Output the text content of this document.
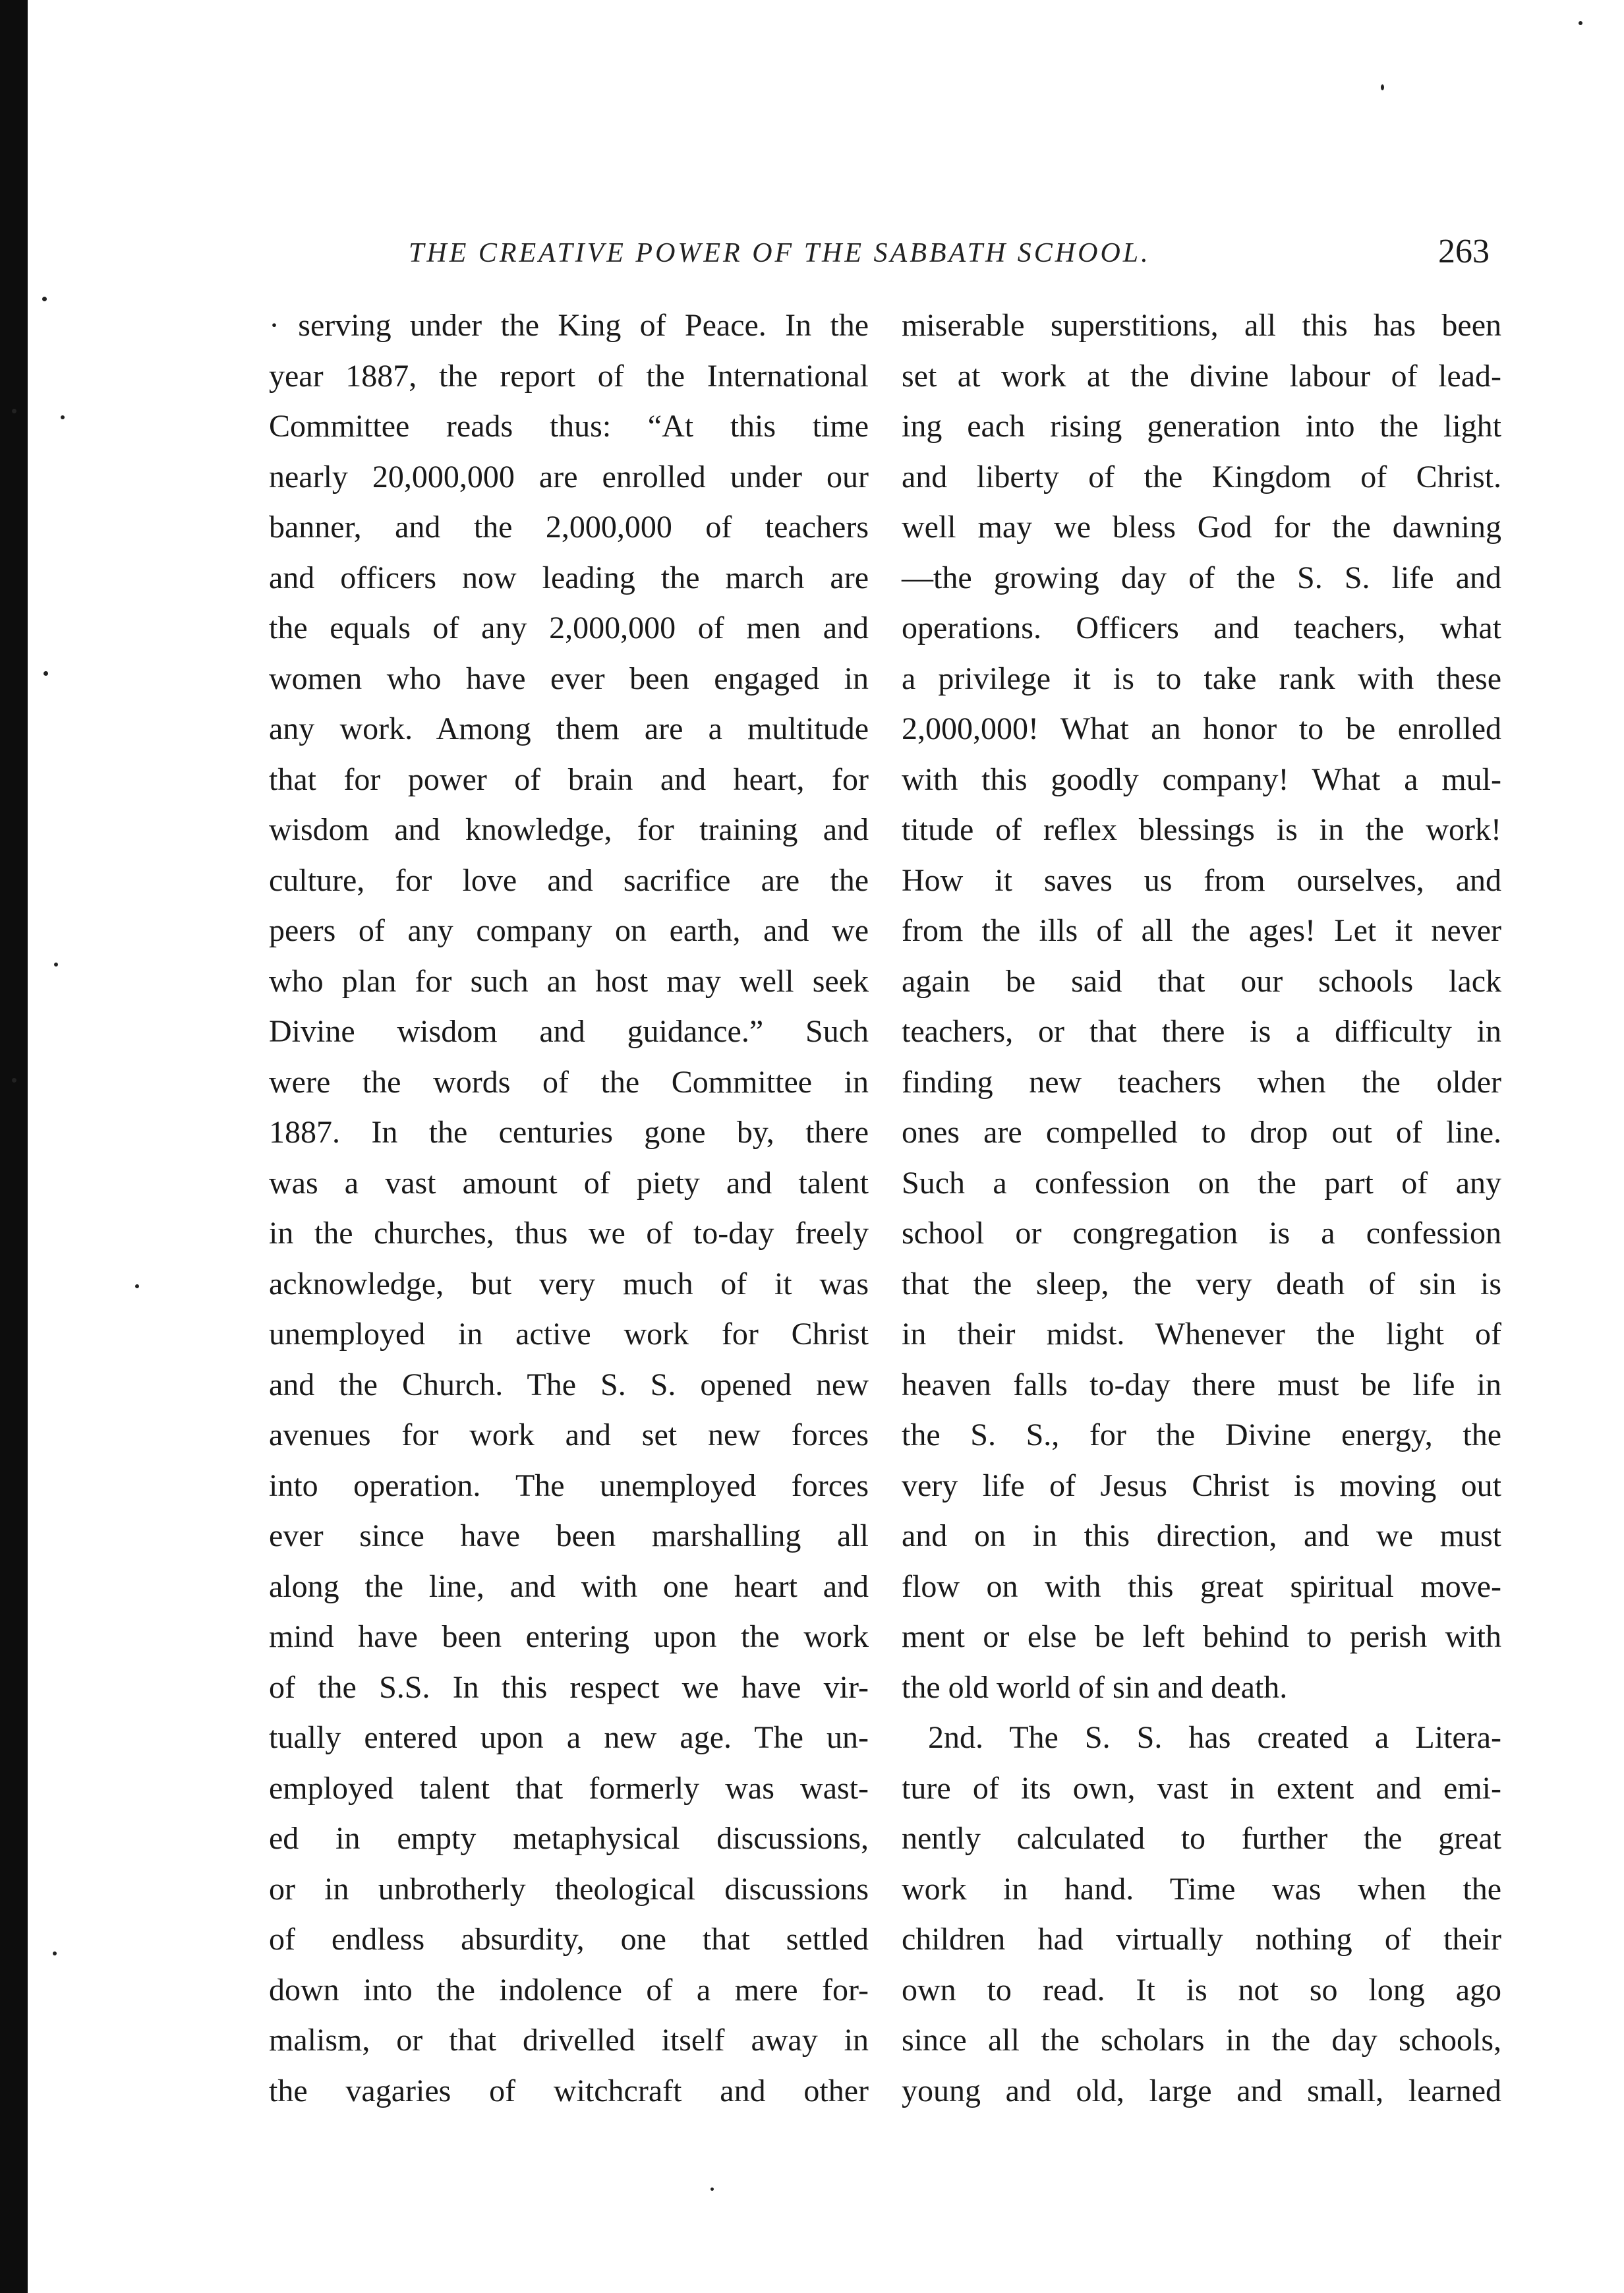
THE CREATIVE POWER OF THE SABBATH SCHOOL.	263
· serving under the King of Peace. In the
year 1887, the report of the International
Committee reads thus: “At this time
nearly 20,000,000 are enrolled under our
banner, and the 2,000,000 of teachers
and officers now leading the march are
the equals of any 2,000,000 of men and
women who have ever been engaged in
any work. Among them are a multitude
that for power of brain and heart, for
wisdom and knowledge, for training and
culture, for love and sacrifice are the
peers of any company on earth, and we
who plan for such an host may well seek
Divine wisdom and guidance.” Such
were the words of the Committee in
1887. In the centuries gone by, there
was a vast amount of piety and talent
in the churches, thus we of to-day freely
acknowledge, but very much of it was
unemployed in active work for Christ
and the Church. The S. S. opened new
avenues for work and set new forces
into operation. The unemployed forces
ever since have been marshalling all
along the line, and with one heart and
mind have been entering upon the work
of the S.S. In this respect we have vir-
tually entered upon a new age. The un-
employed talent that formerly was wast-
ed in empty metaphysical discussions,
or in unbrotherly theological discussions
of endless absurdity, one that settled
down into the indolence of a mere for-
malism, or that drivelled itself away in
the vagaries of witchcraft and other
miserable superstitions, all this has been
set at work at the divine labour of lead-
ing each rising generation into the light
and liberty of the Kingdom of Christ.
well may we bless God for the dawning
—the growing day of the S. S. life and
operations. Officers and teachers, what
a privilege it is to take rank with these
2,000,000! What an honor to be enrolled
with this goodly company! What a mul-
titude of reflex blessings is in the work!
How it saves us from ourselves, and
from the ills of all the ages! Let it never
again be said that our schools lack
teachers, or that there is a difficulty in
finding new teachers when the older
ones are compelled to drop out of line.
Such a confession on the part of any
school or congregation is a confession
that the sleep, the very death of sin is
in their midst. Whenever the light of
heaven falls to-day there must be life in
the S. S., for the Divine energy, the
very life of Jesus Christ is moving out
and on in this direction, and we must
flow on with this great spiritual move-
ment or else be left behind to perish with
the old world of sin and death.
2nd. The S. S. has created a Litera-
ture of its own, vast in extent and emi-
nently calculated to further the great
work in hand. Time was when the
children had virtually nothing of their
own to read. It is not so long ago
since all the scholars in the day schools,
young and old, large and small, learned
